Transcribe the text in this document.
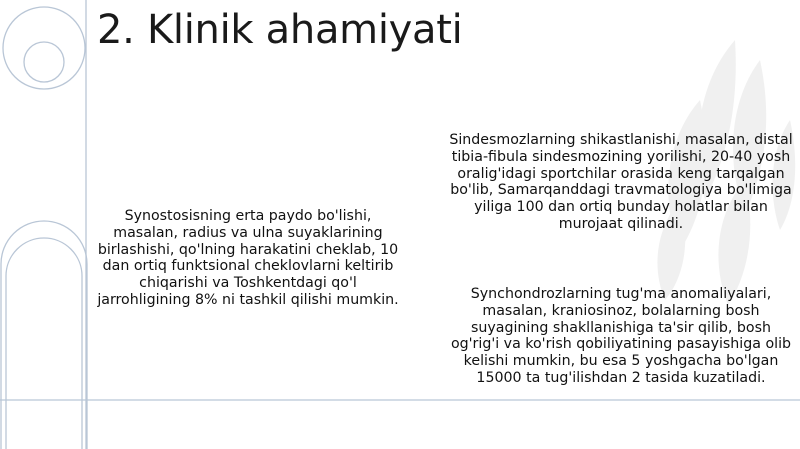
2. Klinik ahamiyati
Synostosisning erta paydo bo'lishi, masalan, radius va ulna suyaklarining birlashishi, qo'lning harakatini cheklab, 10 dan ortiq funktsional cheklovlarni keltirib chiqarishi va Toshkentdagi qo'l jarrohligining 8% ni tashkil qilishi mumkin.
Sindesmozlarning shikastlanishi, masalan, distal tibia-fibula sindesmozining yorilishi, 20-40 yosh oralig'idagi sportchilar orasida keng tarqalgan bo'lib, Samarqanddagi travmatologiya bo'limiga yiliga 100 dan ortiq bunday holatlar bilan murojaat qilinadi.
Synchondrozlarning tug'ma anomaliyalari, masalan, kraniosinoz, bolalarning bosh suyagining shakllanishiga ta'sir qilib, bosh og'rig'i va ko'rish qobiliyatining pasayishiga olib kelishi mumkin, bu esa 5 yoshgacha bo'lgan 15000 ta tug'ilishdan 2 tasida kuzatiladi.
